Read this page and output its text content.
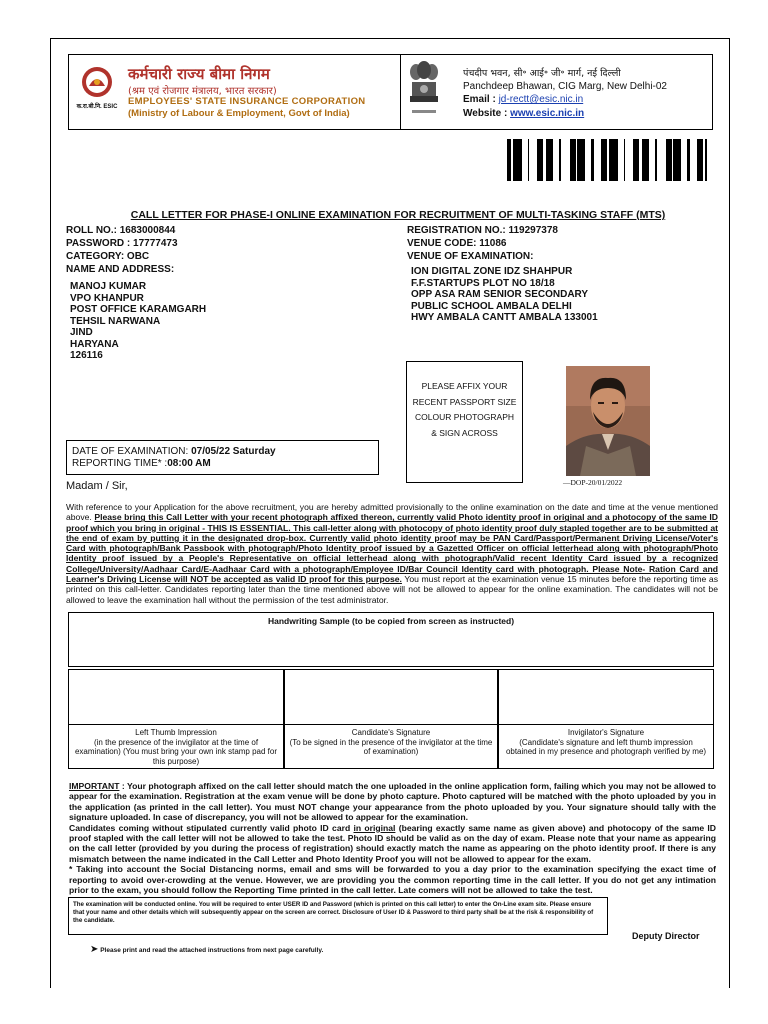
क.रा.बी.नि. ESIC
कर्मचारी राज्य बीमा निगम
(श्रम एवं रोजगार मंत्रालय, भारत सरकार)
EMPLOYEES' STATE INSURANCE CORPORATION
(Ministry of Labour & Employment, Govt of India)
पंचदीप भवन, सी॰ आई॰ जी॰ मार्ग, नई दिल्ली
Panchdeep Bhawan, CIG Marg, New Delhi-02
Email : jd-rectt@esic.nic.in
Website : www.esic.nic.in
CALL LETTER FOR PHASE-I ONLINE EXAMINATION FOR RECRUITMENT OF MULTI-TASKING STAFF (MTS)
ROLL NO.: 1683000844
PASSWORD : 17777473
CATEGORY: OBC
NAME AND ADDRESS:
MANOJ KUMAR
VPO KHANPUR
POST OFFICE KARAMGARH
TEHSIL NARWANA
JIND
HARYANA
126116
REGISTRATION NO.: 119297378
VENUE CODE: 11086
VENUE OF EXAMINATION:
ION DIGITAL ZONE IDZ SHAHPUR
F.F.STARTUPS PLOT NO 18/18
OPP ASA RAM SENIOR SECONDARY
PUBLIC SCHOOL AMBALA DELHI
HWY AMBALA CANTT AMBALA 133001
PLEASE AFFIX YOUR
RECENT PASSPORT SIZE
COLOUR PHOTOGRAPH
& SIGN ACROSS
—DOP-20/01/2022
DATE OF EXAMINATION: 07/05/22 Saturday
REPORTING TIME* :08:00 AM
Madam / Sir,
With reference to your Application for the above recruitment, you are hereby admitted provisionally to the online examination on the date and time at the venue mentioned above. Please bring this Call Letter with your recent photograph affixed thereon, currently valid Photo identity proof in original and a photocopy of the same ID proof which you bring in original - THIS IS ESSENTIAL. This call-letter along with photocopy of photo identity proof duly stapled together are to be submitted at the end of exam by putting it in the designated drop-box. Currently valid photo identity proof may be PAN Card/Passport/Permanent Driving License/Voter's Card with photograph/Bank Passbook with photograph/Photo Identity proof issued by a Gazetted Officer on official letterhead along with photograph/Photo Identity proof issued by a People's Representative on official letterhead along with photograph/Valid recent Identity Card issued by a recognized College/University/Aadhaar Card/E-Aadhaar Card with a photograph/Employee ID/Bar Council Identity card with photograph. Please Note- Ration Card and Learner's Driving License will NOT be accepted as valid ID proof for this purpose. You must report at the examination venue 15 minutes before the reporting time as printed on this call-letter. Candidates reporting later than the time mentioned above will not be allowed to appear for the online examination. The candidates will not be allowed to leave the examination hall without the permission of the test administrator.
Handwriting Sample (to be copied from screen as instructed)
Left Thumb Impression
(in the presence of the invigilator at the time of examination) (You must bring your own ink stamp pad for this purpose)
Candidate's Signature
(To be signed in the presence of the invigilator at the time of examination)
Invigilator's Signature
(Candidate's signature and left thumb impression obtained in my presence and photograph verified by me)
IMPORTANT : Your photograph affixed on the call letter should match the one uploaded in the online application form, failing which you may not be allowed to appear for the examination. Registration at the exam venue will be done by photo capture. Photo captured will be matched with the photo uploaded by you in the application (as printed in the call letter). You must NOT change your appearance from the photo uploaded by you. Your signature should tally with the signature uploaded. In case of discrepancy, you will not be allowed to appear for the examination.
Candidates coming without stipulated currently valid photo ID card in original (bearing exactly same name as given above) and photocopy of the same ID proof stapled with the call letter will not be allowed to take the test. Photo ID should be valid as on the day of exam. Please note that your name as appearing on the call letter (provided by you during the process of registration) should exactly match the name as appearing on the photo identity proof. If there is any mismatch between the name indicated in the Call Letter and Photo Identity Proof you will not be allowed to appear for the exam.
* Taking into account the Social Distancing norms, email and sms will be forwarded to you a day prior to the examination specifying the exact time of reporting to avoid over-crowding at the venue. However, we are providing you the common reporting time in the call letter. If you do not get any intimation prior to the exam, you should follow the Reporting Time printed in the call letter. Late comers will not be allowed to take the test.
The examination will be conducted online. You will be required to enter USER ID and Password (which is printed on this call letter) to enter the On-Line exam site. Please ensure that your name and other details which will subsequently appear on the screen are correct. Disclosure of User ID & Password to third party shall be at the risk & responsibility of the candidate.
Deputy Director
➤ Please print and read the attached instructions from next page carefully.
